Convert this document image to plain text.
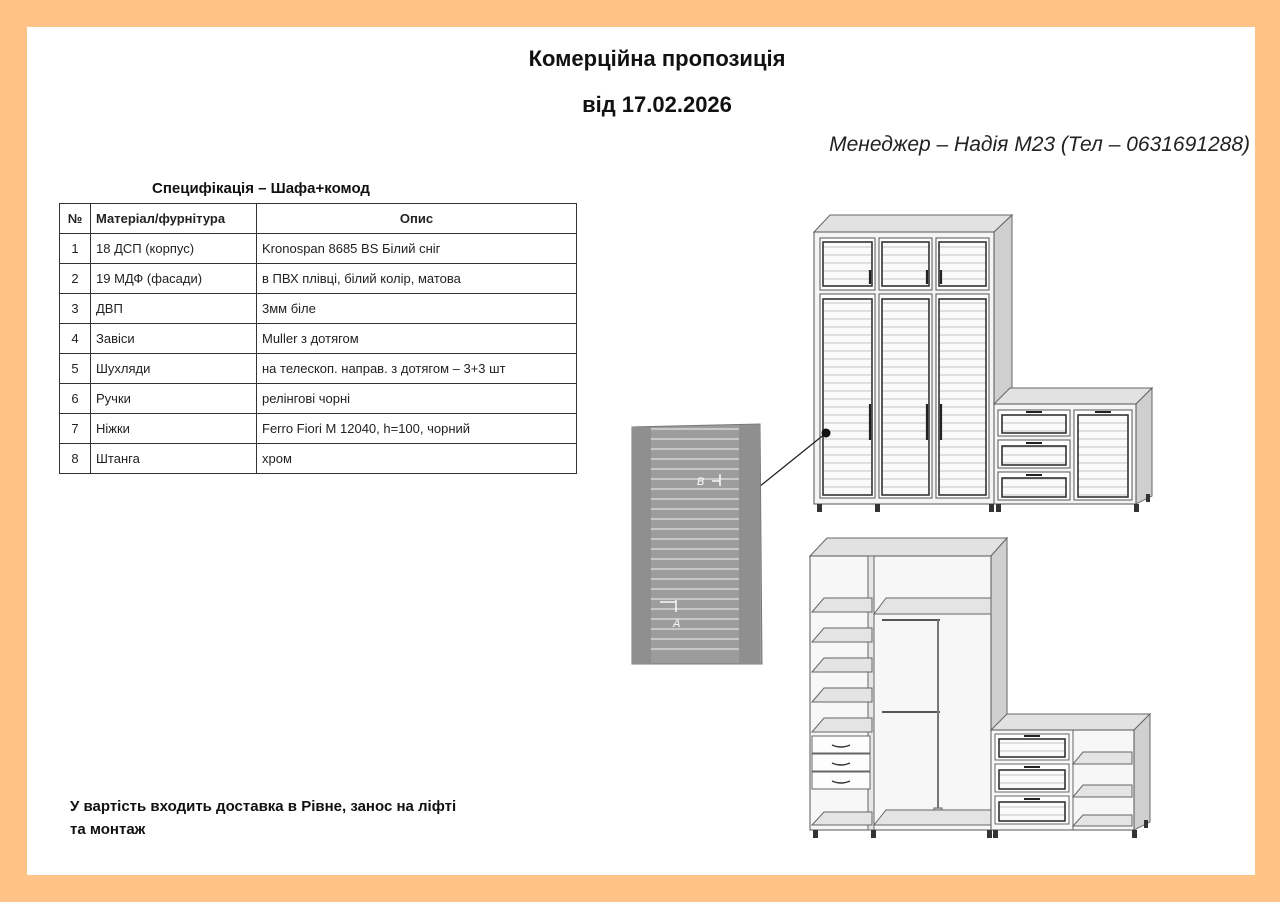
Комерційна пропозиція
від 17.02.2026
Менеджер – Надія М23 (Тел – 0631691288)
Специфікація – Шафа+комод
№	Матеріал/фурнітура	Опис
1	18 ДСП (корпус)	Kronospan 8685 BS Білий сніг
2	19 МДФ (фасади)	в ПВХ плівці, білий колір, матова
3	ДВП	3мм біле
4	Завіси	Muller з дотягом
5	Шухляди	на телескоп. направ. з дотягом – 3+3 шт
6	Ручки	релінгові чорні
7	Ніжки	Ferro Fiori M 12040, h=100, чорний
8	Штанга	хром
У вартість входить доставка в Рівне, занос на ліфті та монтаж
B
A
